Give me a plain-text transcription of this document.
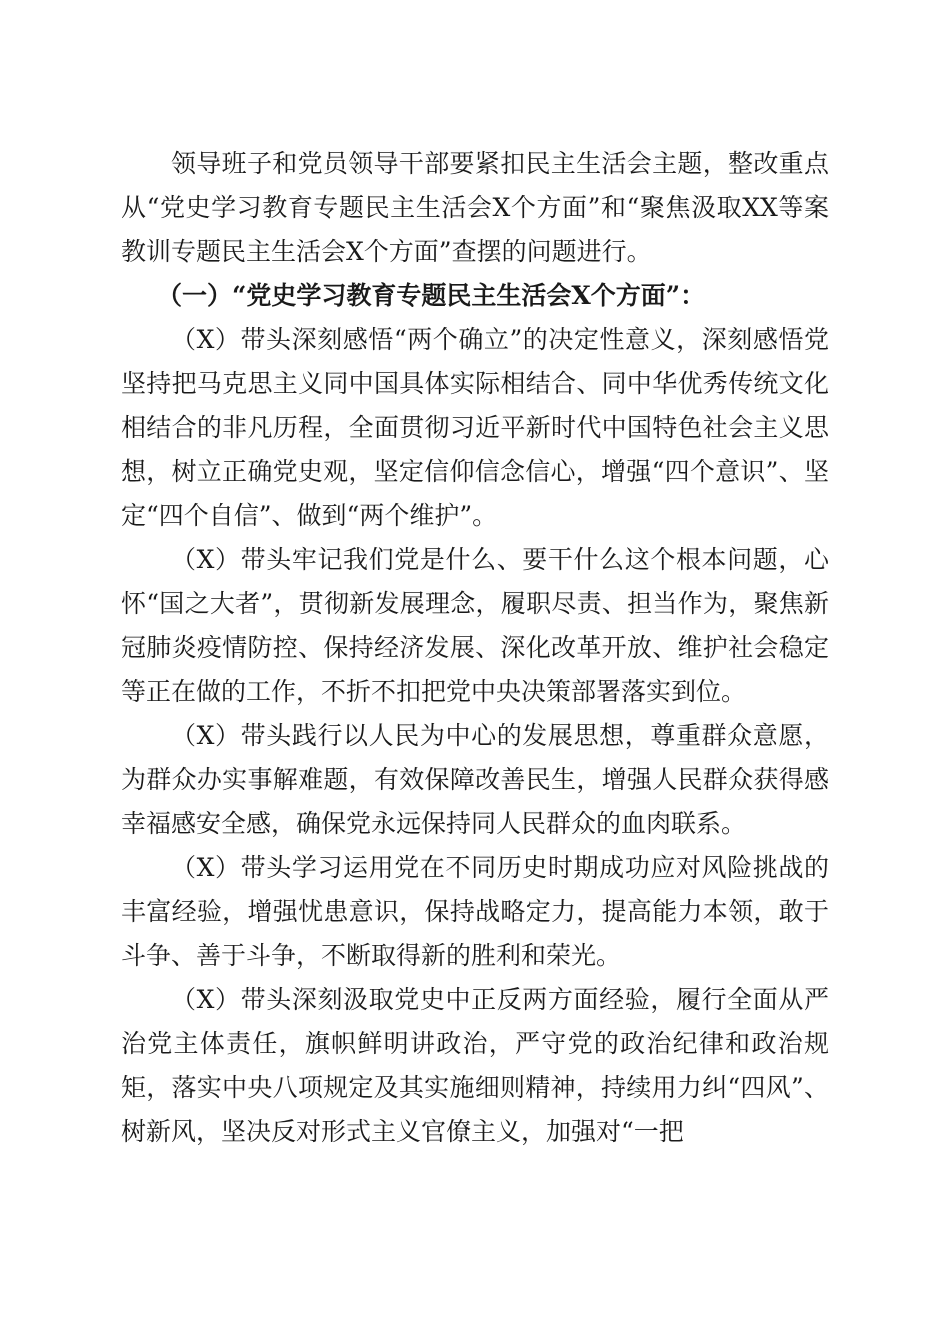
领导班子和党员领导干部要紧扣民主生活会主题，整改重点从“党史学习教育专题民主生活会X个方面”和“聚焦汲取XX等案教训专题民主生活会X个方面”查摆的问题进行。

（一）“党史学习教育专题民主生活会X个方面”：

（X）带头深刻感悟“两个确立”的决定性意义，深刻感悟党坚持把马克思主义同中国具体实际相结合、同中华优秀传统文化相结合的非凡历程，全面贯彻习近平新时代中国特色社会主义思想，树立正确党史观，坚定信仰信念信心，增强“四个意识”、坚定“四个自信”、做到“两个维护”。

（X）带头牢记我们党是什么、要干什么这个根本问题，心怀“国之大者”，贯彻新发展理念，履职尽责、担当作为，聚焦新冠肺炎疫情防控、保持经济发展、深化改革开放、维护社会稳定等正在做的工作，不折不扣把党中央决策部署落实到位。

（X）带头践行以人民为中心的发展思想，尊重群众意愿，为群众办实事解难题，有效保障改善民生，增强人民群众获得感幸福感安全感，确保党永远保持同人民群众的血肉联系。

（X）带头学习运用党在不同历史时期成功应对风险挑战的丰富经验，增强忧患意识，保持战略定力，提高能力本领，敢于斗争、善于斗争，不断取得新的胜利和荣光。

（X）带头深刻汲取党史中正反两方面经验，履行全面从严治党主体责任，旗帜鲜明讲政治，严守党的政治纪律和政治规矩，落实中央八项规定及其实施细则精神，持续用力纠“四风”、树新风，坚决反对形式主义官僚主义，加强对“一把
